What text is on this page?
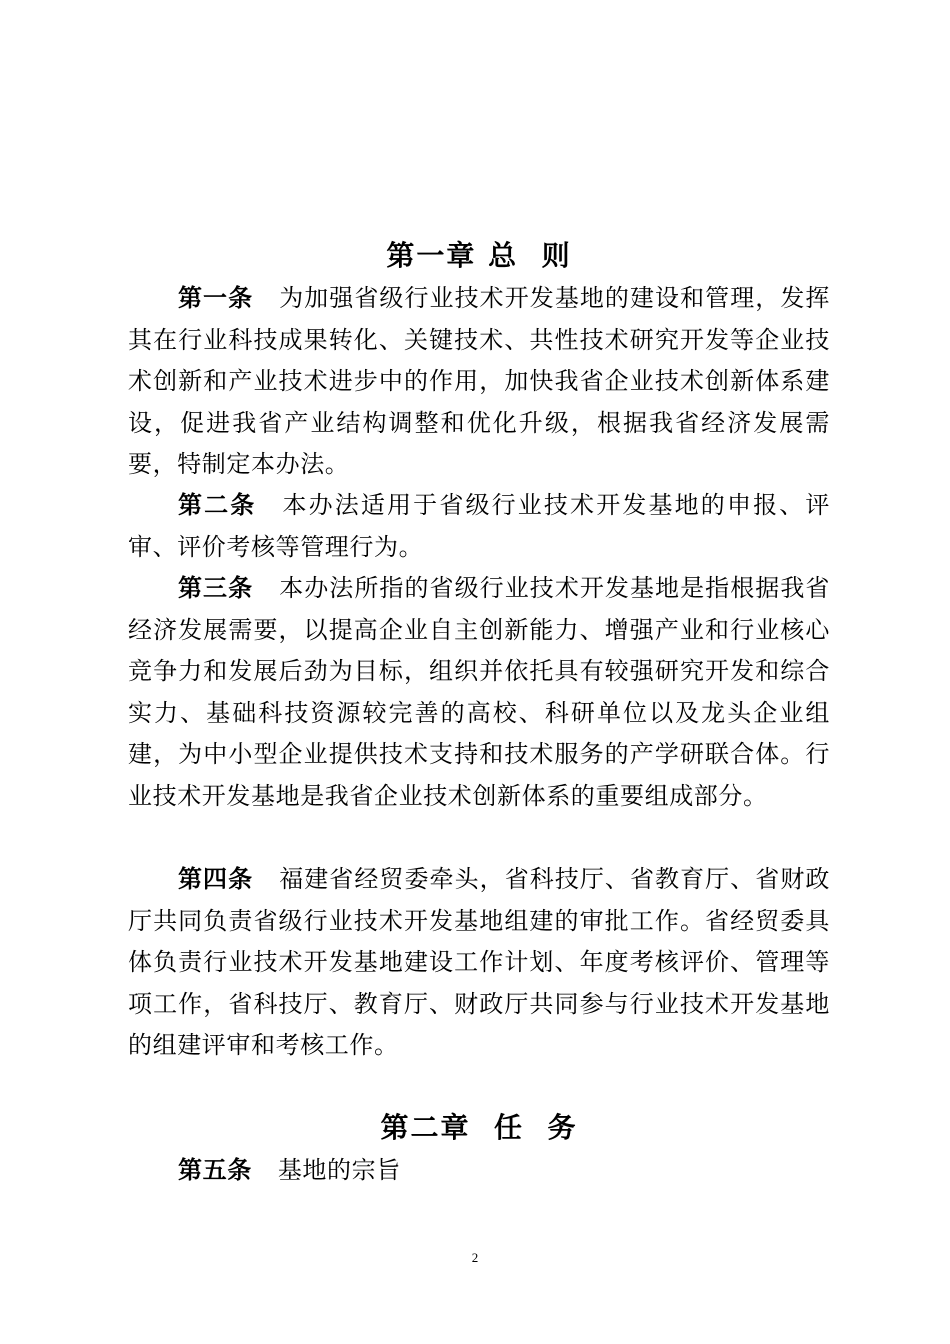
第一章 总  则

第一条 为加强省级行业技术开发基地的建设和管理，发挥其在行业科技成果转化、关键技术、共性技术研究开发等企业技术创新和产业技术进步中的作用，加快我省企业技术创新体系建设，促进我省产业结构调整和优化升级，根据我省经济发展需要，特制定本办法。

第二条 本办法适用于省级行业技术开发基地的申报、评审、评价考核等管理行为。

第三条 本办法所指的省级行业技术开发基地是指根据我省经济发展需要，以提高企业自主创新能力、增强产业和行业核心竞争力和发展后劲为目标，组织并依托具有较强研究开发和综合实力、基础科技资源较完善的高校、科研单位以及龙头企业组建，为中小型企业提供技术支持和技术服务的产学研联合体。行业技术开发基地是我省企业技术创新体系的重要组成部分。

第四条 福建省经贸委牵头，省科技厅、省教育厅、省财政厅共同负责省级行业技术开发基地组建的审批工作。省经贸委具体负责行业技术开发基地建设工作计划、年度考核评价、管理等项工作，省科技厅、教育厅、财政厅共同参与行业技术开发基地的组建评审和考核工作。

第二章  任  务

第五条 基地的宗旨

2
